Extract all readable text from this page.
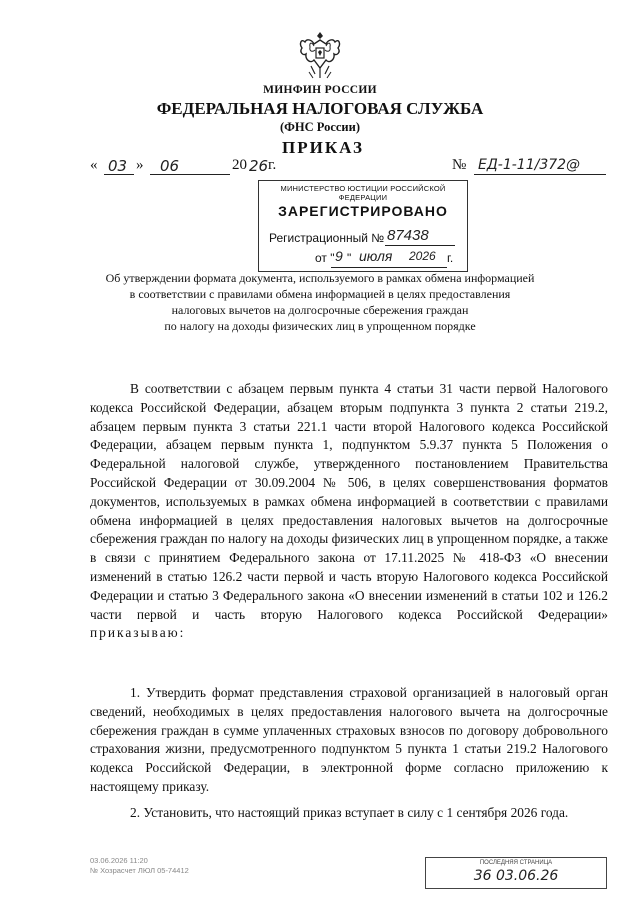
МИНФИН РОССИИ
ФЕДЕРАЛЬНАЯ НАЛОГОВАЯ СЛУЖБА
(ФНС России)
ПРИКАЗ
« 03 » 06	20 26 г.	№ ЕД-1-11/372@
МИНИСТЕРСТВО ЮСТИЦИИ РОССИЙСКОЙ ФЕДЕРАЦИИ
ЗАРЕГИСТРИРОВАНО
Регистрационный № 87438
от " 9 " июля 2026 г.
Об утверждении формата документа, используемого в рамках обмена информацией
в соответствии с правилами обмена информацией в целях предоставления
налоговых вычетов на долгосрочные сбережения граждан
по налогу на доходы физических лиц в упрощенном порядке

В соответствии с абзацем первым пункта 4 статьи 31 части первой Налогового кодекса Российской Федерации, абзацем вторым подпункта 3 пункта 2 статьи 219.2, абзацем первым пункта 3 статьи 221.1 части второй Налогового кодекса Российской Федерации, абзацем первым пункта 1, подпунктом 5.9.37 пункта 5 Положения о Федеральной налоговой службе, утвержденного постановлением Правительства Российской Федерации от 30.09.2004 № 506, в целях совершенствования форматов документов, используемых в рамках обмена информацией в соответствии с правилами обмена информацией в целях предоставления налоговых вычетов на долгосрочные сбережения граждан по налогу на доходы физических лиц в упрощенном порядке, а также в связи с принятием Федерального закона от 17.11.2025 № 418-ФЗ «О внесении изменений в статью 126.2 части первой и часть вторую Налогового кодекса Российской Федерации и статью 3 Федерального закона «О внесении изменений в статьи 102 и 126.2 части первой и часть вторую Налогового кодекса Российской Федерации» приказываю:

1. Утвердить формат представления страховой организацией в налоговый орган сведений, необходимых в целях предоставления налогового вычета на долгосрочные сбережения граждан в сумме уплаченных страховых взносов по договору добровольного страхования жизни, предусмотренного подпунктом 5 пункта 1 статьи 219.2 Налогового кодекса Российской Федерации, в электронной форме согласно приложению к настоящему приказу.

2. Установить, что настоящий приказ вступает в силу с 1 сентября 2026 года.

03.06.2026 11:20
№ Хозрасчет ЛЮЛ 05-74412
ПОСЛЕДНЯЯ СТРАНИЦА
36 03.06.26
